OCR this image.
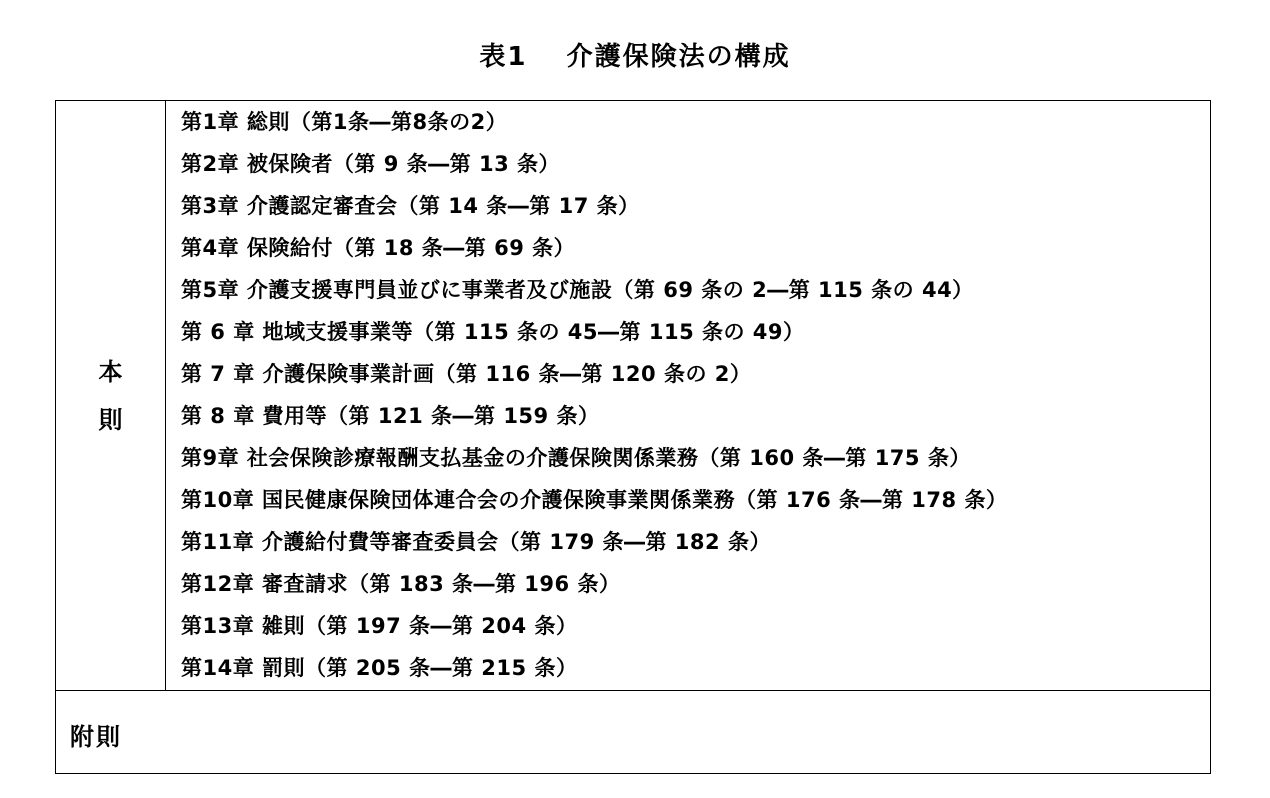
表1　 介護保険法の構成
本
則
第1章 総則（第1条―第8条の2）
第2章 被保険者（第 9 条―第 13 条）
第3章 介護認定審査会（第 14 条―第 17 条）
第4章 保険給付（第 18 条―第 69 条）
第5章 介護支援専門員並びに事業者及び施設（第 69 条の 2―第 115 条の 44）
第 6 章 地域支援事業等（第 115 条の 45―第 115 条の 49）
第 7 章 介護保険事業計画（第 116 条―第 120 条の 2）
第 8 章 費用等（第 121 条―第 159 条）
第9章 社会保険診療報酬支払基金の介護保険関係業務（第 160 条―第 175 条）
第10章 国民健康保険団体連合会の介護保険事業関係業務（第 176 条―第 178 条）
第11章 介護給付費等審査委員会（第 179 条―第 182 条）
第12章 審査請求（第 183 条―第 196 条）
第13章 雑則（第 197 条―第 204 条）
第14章 罰則（第 205 条―第 215 条）
附則
